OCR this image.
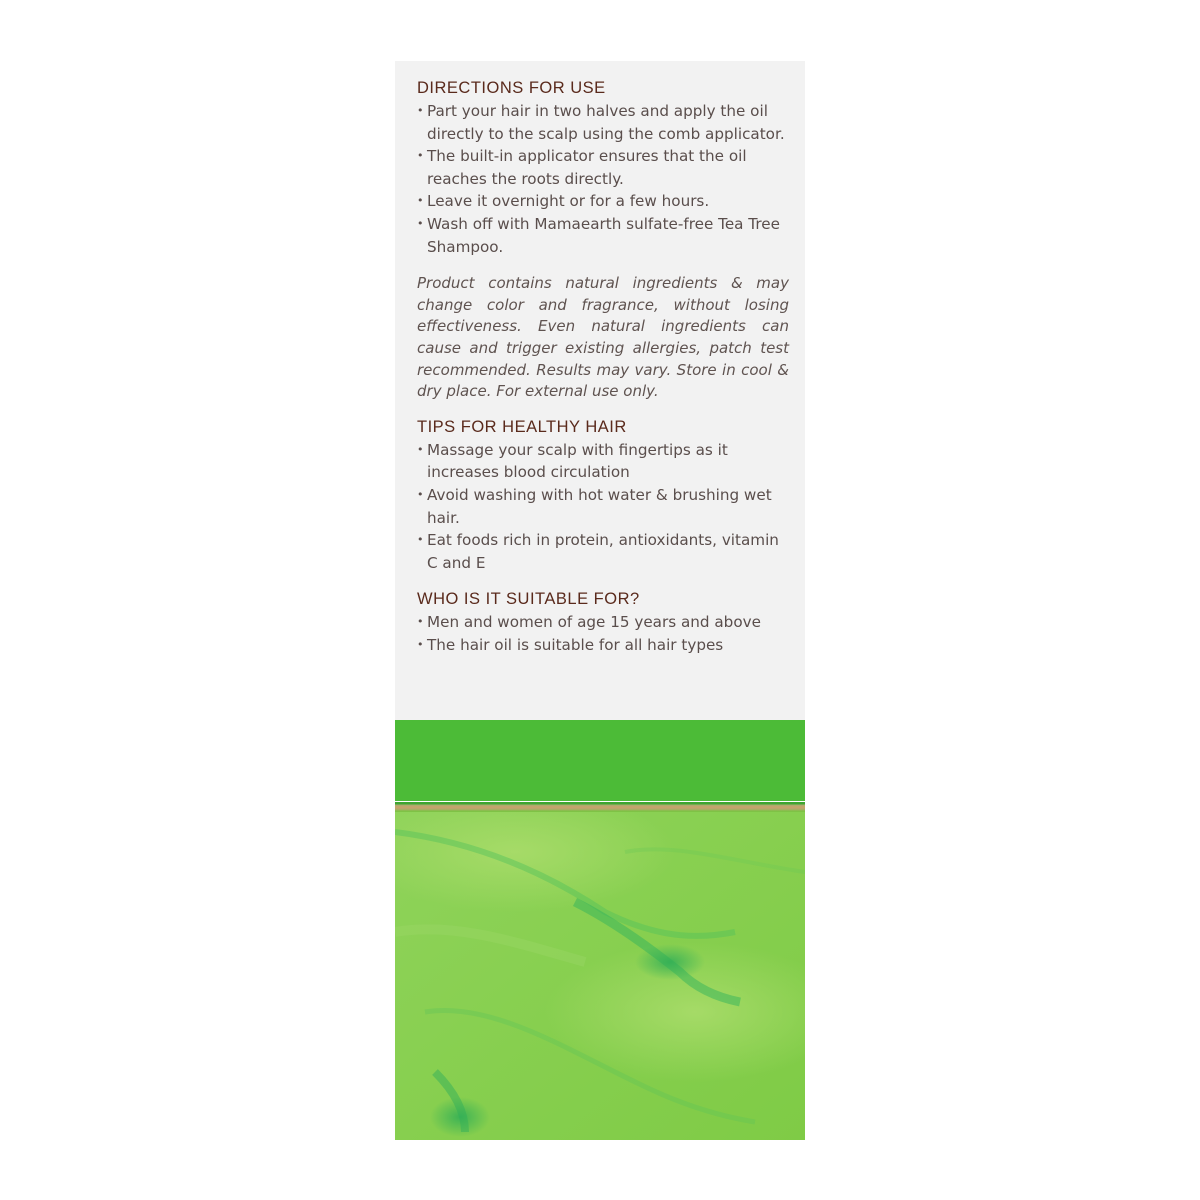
DIRECTIONS FOR USE
• Part your hair in two halves and apply the oil directly to the scalp using the comb applicator.
• The built-in applicator ensures that the oil reaches the roots directly.
• Leave it overnight or for a few hours.
• Wash off with Mamaearth sulfate-free Tea Tree Shampoo.

Product contains natural ingredients & may change color and fragrance, without losing effectiveness. Even natural ingredients can cause and trigger existing allergies, patch test recommended. Results may vary. Store in cool & dry place. For external use only.

TIPS FOR HEALTHY HAIR
• Massage your scalp with fingertips as it increases blood circulation
• Avoid washing with hot water & brushing wet hair.
• Eat foods rich in protein, antioxidants, vitamin C and E
WHO IS IT SUITABLE FOR?
• Men and women of age 15 years and above
• The hair oil is suitable for all hair types
